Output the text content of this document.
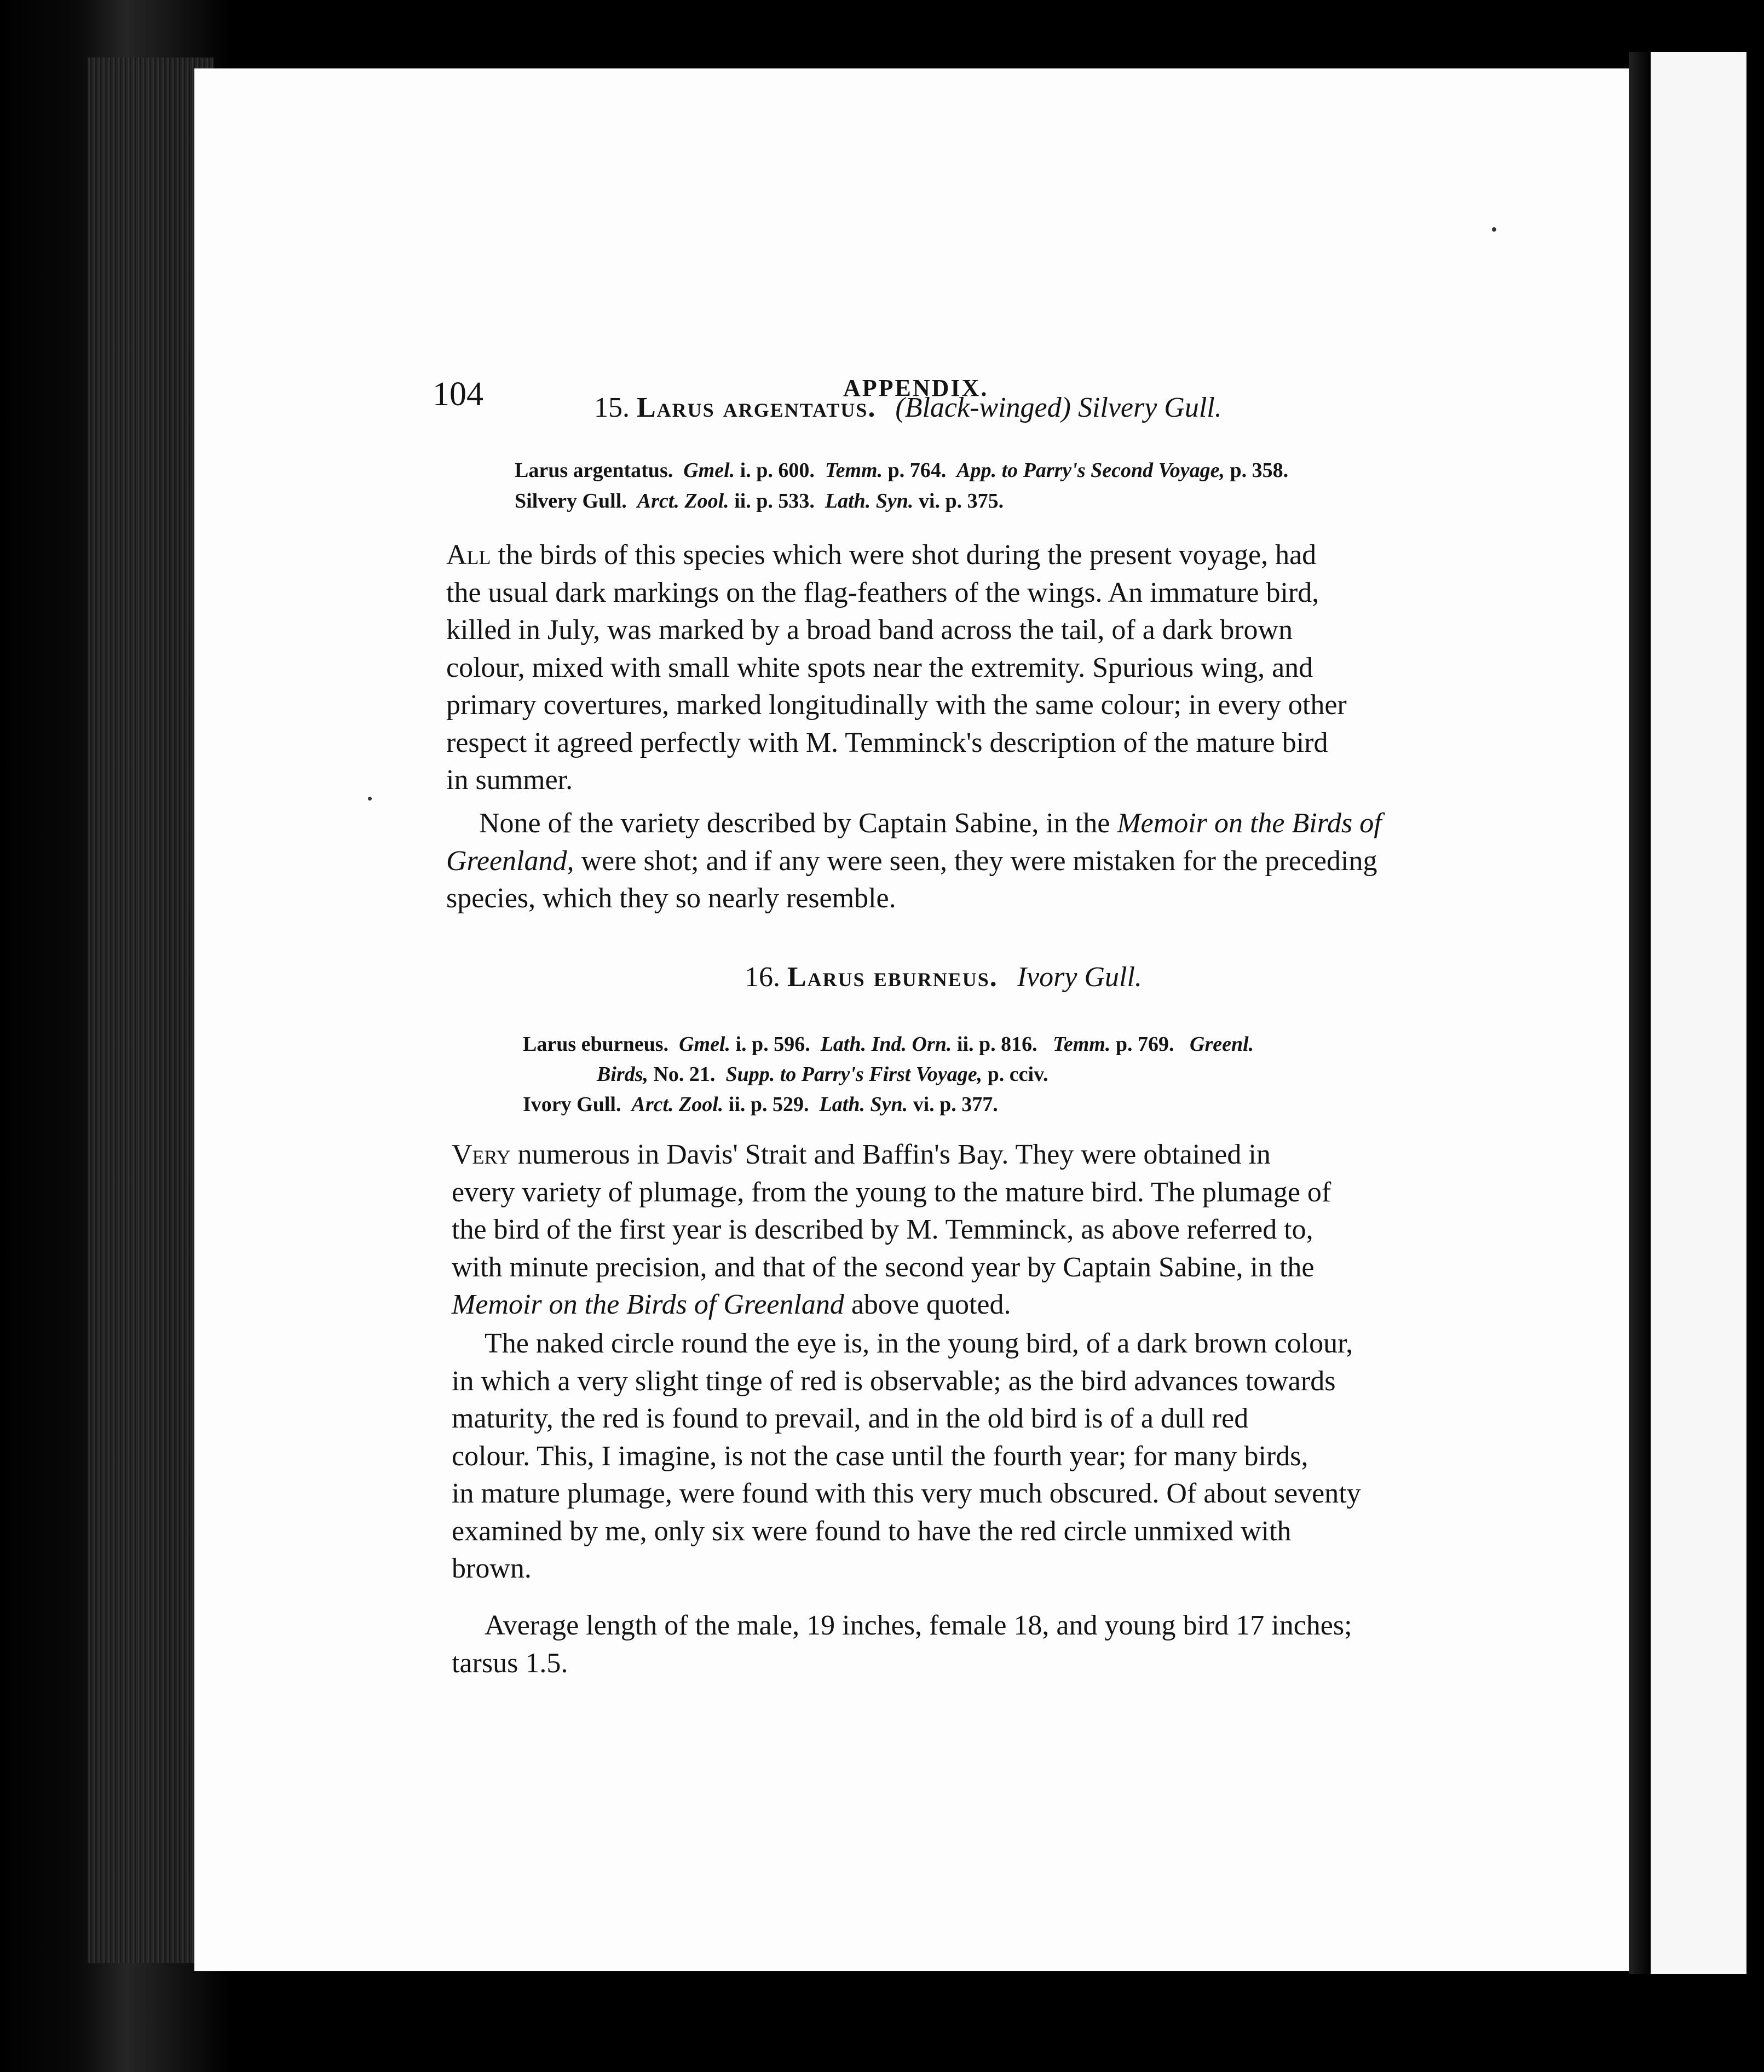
104	APPENDIX.
15. Larus argentatus. (Black-winged) Silvery Gull.
Larus argentatus. Gmel. i. p. 600. Temm. p. 764. App. to Parry's Second Voyage, p. 358.
Silvery Gull. Arct. Zool. ii. p. 533. Lath. Syn. vi. p. 375.
All the birds of this species which were shot during the present voyage, had
the usual dark markings on the flag-feathers of the wings. An immature bird,
killed in July, was marked by a broad band across the tail, of a dark brown
colour, mixed with small white spots near the extremity. Spurious wing, and
primary covertures, marked longitudinally with the same colour; in every other
respect it agreed perfectly with M. Temminck's description of the mature bird
in summer.
None of the variety described by Captain Sabine, in the Memoir on the Birds of
Greenland, were shot; and if any were seen, they were mistaken for the preceding
species, which they so nearly resemble.
16. Larus eburneus. Ivory Gull.
Larus eburneus. Gmel. i. p. 596. Lath. Ind. Orn. ii. p. 816. Temm. p. 769. Greenl.
Birds, No. 21. Supp. to Parry's First Voyage, p. cciv.
Ivory Gull. Arct. Zool. ii. p. 529. Lath. Syn. vi. p. 377.
Very numerous in Davis' Strait and Baffin's Bay. They were obtained in
every variety of plumage, from the young to the mature bird. The plumage of
the bird of the first year is described by M. Temminck, as above referred to,
with minute precision, and that of the second year by Captain Sabine, in the
Memoir on the Birds of Greenland above quoted.
The naked circle round the eye is, in the young bird, of a dark brown colour,
in which a very slight tinge of red is observable; as the bird advances towards
maturity, the red is found to prevail, and in the old bird is of a dull red
colour. This, I imagine, is not the case until the fourth year; for many birds,
in mature plumage, were found with this very much obscured. Of about seventy
examined by me, only six were found to have the red circle unmixed with
brown.
Average length of the male, 19 inches, female 18, and young bird 17 inches;
tarsus 1.5.
